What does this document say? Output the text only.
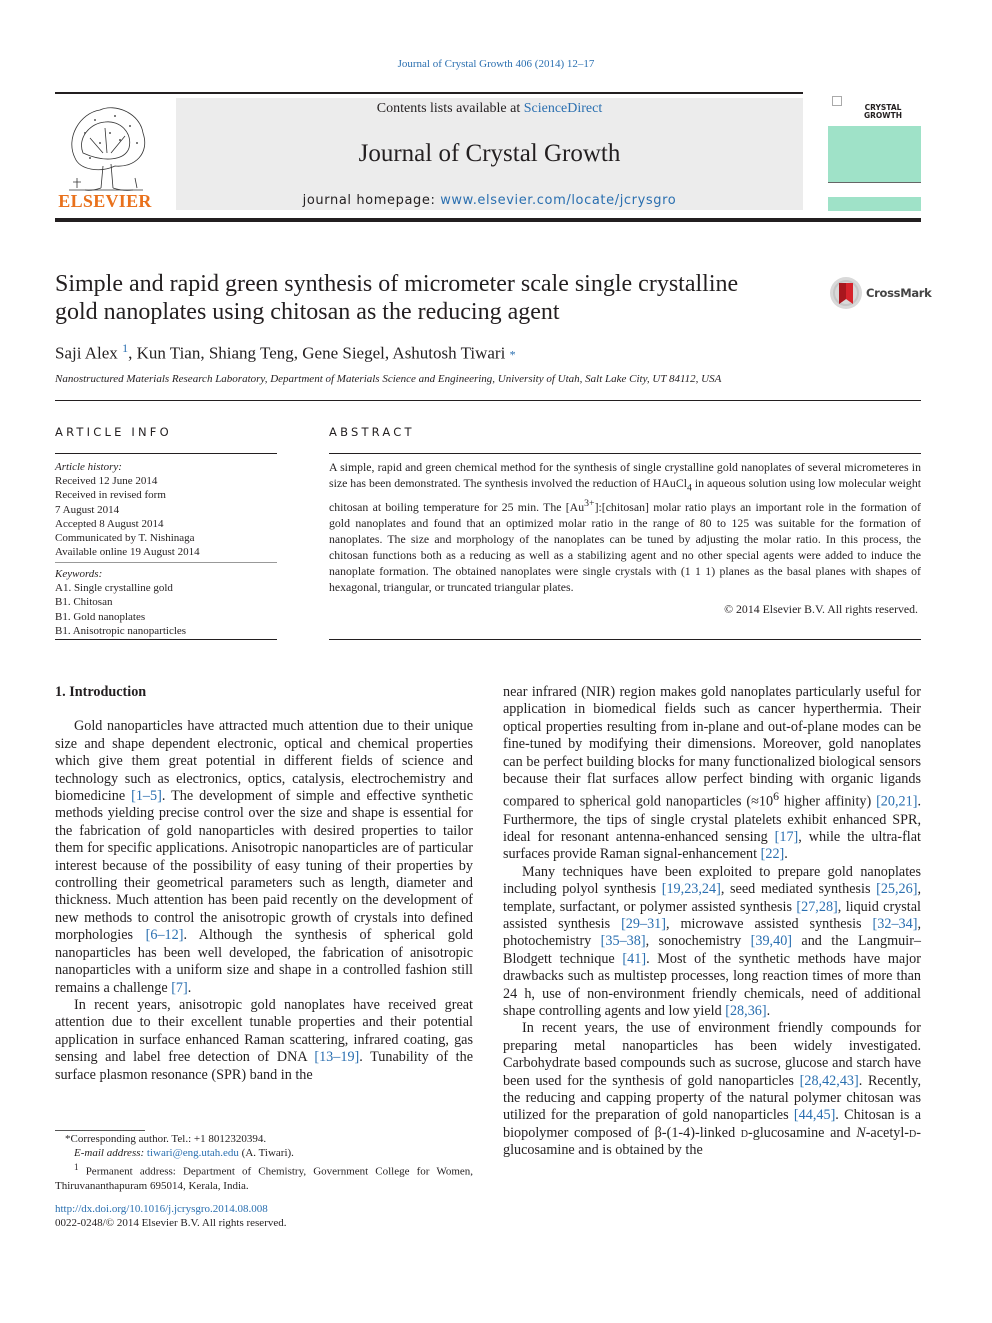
Journal of Crystal Growth 406 (2014) 12–17
ELSEVIER
Contents lists available at ScienceDirect
Journal of Crystal Growth
journal homepage: www.elsevier.com/locate/jcrysgro
CRYSTAL GROWTH
Simple and rapid green synthesis of micrometer scale single crystalline
gold nanoplates using chitosan as the reducing agent
CrossMark
Saji Alex $^1$, Kun Tian, Shiang Teng, Gene Siegel, Ashutosh Tiwari *
Nanostructured Materials Research Laboratory, Department of Materials Science and Engineering, University of Utah, Salt Lake City, UT 84112, USA
ARTICLE INFO
Article history:
Received 12 June 2014
Received in revised form
7 August 2014
Accepted 8 August 2014
Communicated by T. Nishinaga
Available online 19 August 2014
Keywords:
A1. Single crystalline gold
B1. Chitosan
B1. Gold nanoplates
B1. Anisotropic nanoparticles
ABSTRACT
A simple, rapid and green chemical method for the synthesis of single crystalline gold nanoplates of several micrometeres in size has been demonstrated. The synthesis involved the reduction of HAuCl$_4$ in aqueous solution using low molecular weight chitosan at boiling temperature for 25 min. The $[Au^{3+}]:[chitosan]$ molar ratio plays an important role in the formation of gold nanoplates and found that an optimized molar ratio in the range of 80 to 125 was suitable for the formation of nanoplates. The size and morphology of the nanoplates can be tuned by adjusting the molar ratio. In this process, the chitosan functions both as a reducing as well as a stabilizing agent and no other special agents were added to induce the nanoplate formation. The obtained nanoplates were single crystals with (1 1 1) planes as the basal planes with shapes of hexagonal, triangular, or truncated triangular plates.
© 2014 Elsevier B.V. All rights reserved.

1. Introduction

Gold nanoparticles have attracted much attention due to their unique size and shape dependent electronic, optical and chemical properties which give them great potential in different fields of science and technology such as electronics, optics, catalysis, electrochemistry and biomedicine [1–5]. The development of simple and effective synthetic methods yielding precise control over the size and shape is essential for the fabrication of gold nanoparticles with desired properties to tailor them for specific applications. Anisotropic nanoparticles are of particular interest because of the possibility of easy tuning of their properties by controlling their geometrical parameters such as length, diameter and thickness. Much attention has been paid recently on the development of new methods to control the anisotropic growth of crystals into defined morphologies [6–12]. Although the synthesis of spherical gold nanoparticles has been well developed, the fabrication of anisotropic nanoparticles with a uniform size and shape in a controlled fashion still remains a challenge [7].

In recent years, anisotropic gold nanoplates have received great attention due to their excellent tunable properties and their potential application in surface enhanced Raman scattering, infrared coating, gas sensing and label free detection of DNA [13–19]. Tunability of the surface plasmon resonance (SPR) band in the

near infrared (NIR) region makes gold nanoplates particularly useful for application in biomedical fields such as cancer hyperthermia. Their optical properties resulting from in-plane and out-of-plane modes can be fine-tuned by modifying their dimensions. Moreover, gold nanoplates can be perfect building blocks for many functionalized biological sensors because their flat surfaces allow perfect binding with organic ligands compared to spherical gold nanoparticles ($\approx 10^6$ higher affinity) [20,21]. Furthermore, the tips of single crystal platelets exhibit enhanced SPR, ideal for resonant antenna-enhanced sensing [17], while the ultra-flat surfaces provide Raman signal-enhancement [22].

Many techniques have been exploited to prepare gold nanoplates including polyol synthesis [19,23,24], seed mediated synthesis [25,26], template, surfactant, or polymer assisted synthesis [27,28], liquid crystal assisted synthesis [29–31], microwave assisted synthesis [32–34], photochemistry [35–38], sonochemistry [39,40] and the Langmuir–Blodgett technique [41]. Most of the synthetic methods have major drawbacks such as multistep processes, long reaction times of more than 24 h, use of non-environment friendly chemicals, need of additional shape controlling agents and low yield [28,36].

In recent years, the use of environment friendly compounds for preparing metal nanoparticles has been widely investigated. Carbohydrate based compounds such as sucrose, glucose and starch have been used for the synthesis of gold nanoparticles [28,42,43]. Recently, the reducing and capping property of the natural polymer chitosan was utilized for the preparation of gold nanoparticles [44,45]. Chitosan is a biopolymer composed of β-(1-4)-linked d-glucosamine and N-acetyl-d-glucosamine and is obtained by the

*Corresponding author. Tel.: +1 8012320394.
E-mail address: tiwari@eng.utah.edu (A. Tiwari).
$^1$ Permanent address: Department of Chemistry, Government College for Women, Thiruvananthapuram 695014, Kerala, India.
http://dx.doi.org/10.1016/j.jcrysgro.2014.08.008
0022-0248/© 2014 Elsevier B.V. All rights reserved.
